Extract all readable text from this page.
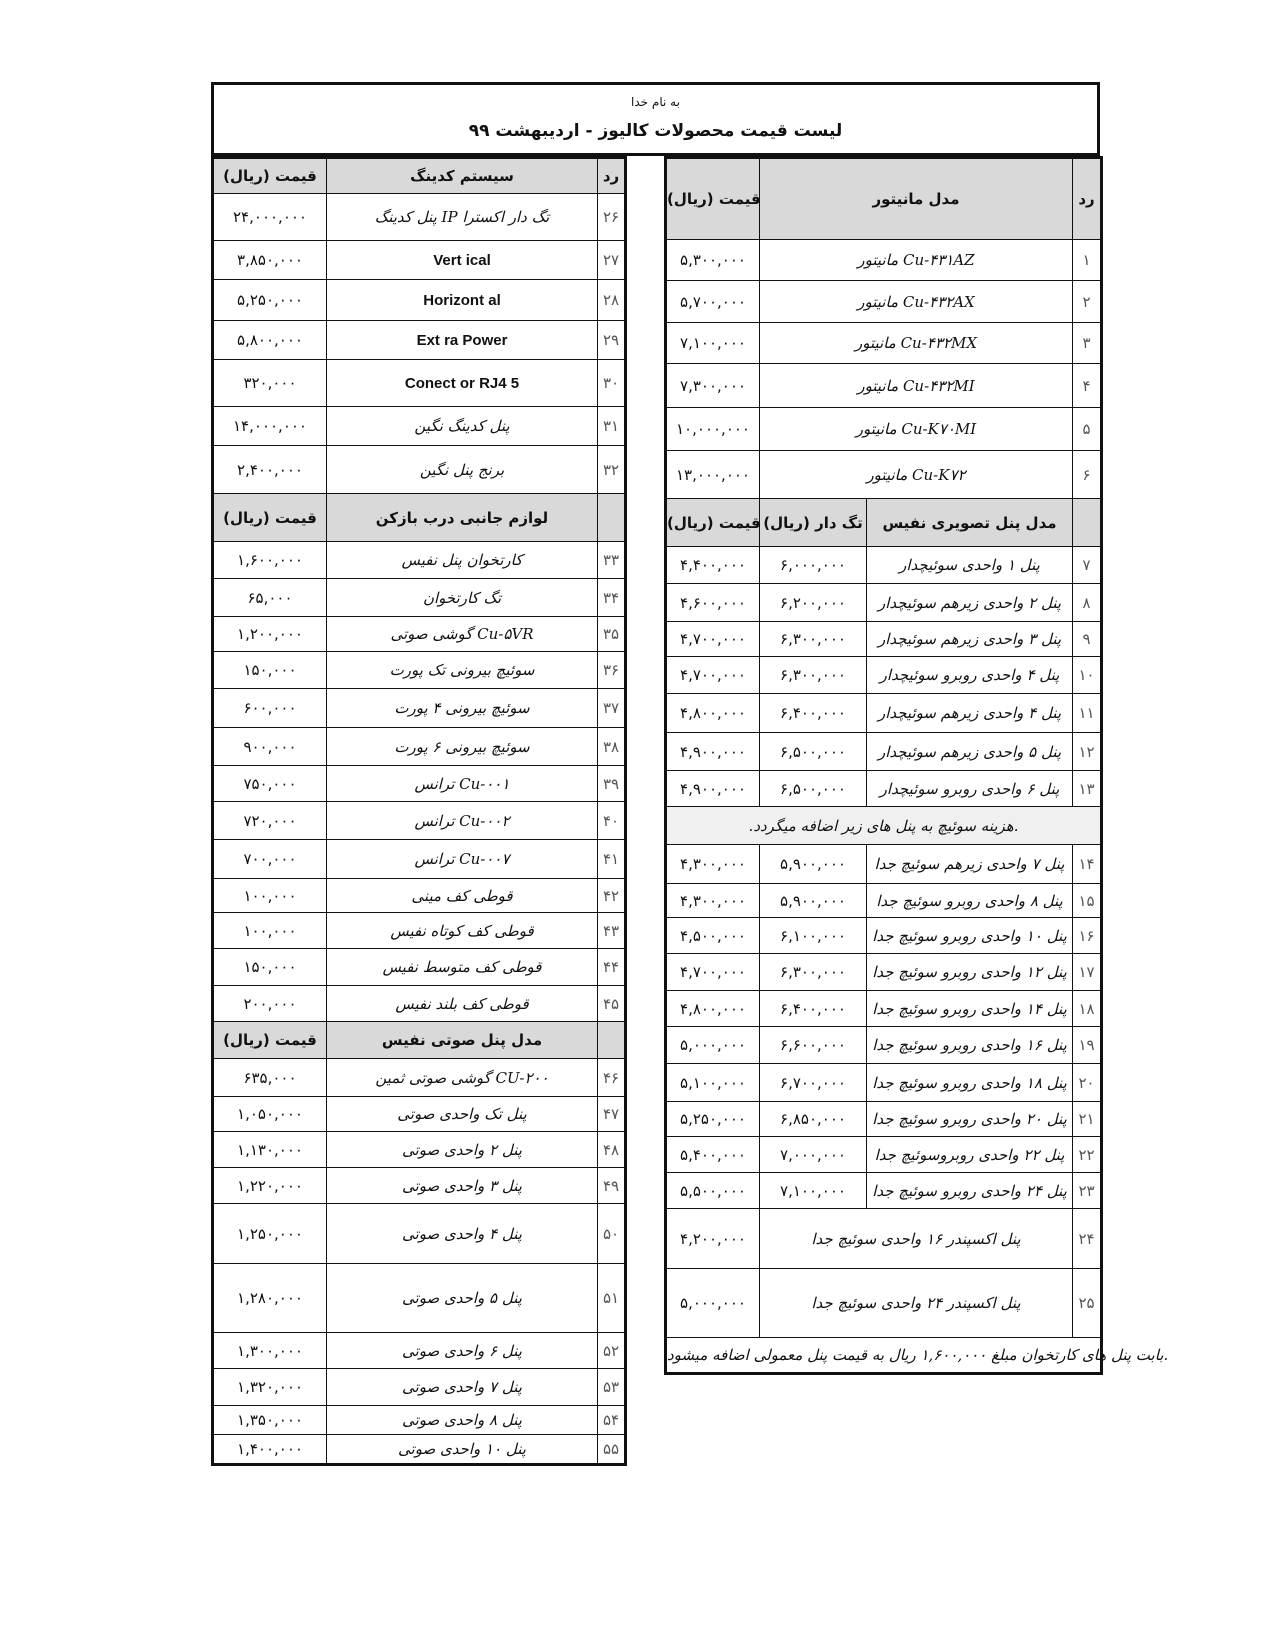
به نام خدا
لیست قیمت محصولات کالیوز - اردیبهشت ۹۹
قیمت (ریال)	سیستم کدینگ	رد
۲۴,۰۰۰,۰۰۰	پنل کدینگ IP تگ دار اکسترا	۲۶
۳,۸۵۰,۰۰۰	Vert ical	۲۷
۵,۲۵۰,۰۰۰	Horizont al	۲۸
۵,۸۰۰,۰۰۰	Ext ra Power	۲۹
۳۲۰,۰۰۰	Conect or RJ4 5	۳۰
۱۴,۰۰۰,۰۰۰	پنل کدینگ نگین	۳۱
۲,۴۰۰,۰۰۰	برنج پنل نگین	۳۲
قیمت (ریال)	لوازم جانبی درب بازکن	
۱,۶۰۰,۰۰۰	کارتخوان پنل نفیس	۳۳
۶۵,۰۰۰	تگ کارتخوان	۳۴
۱,۲۰۰,۰۰۰	گوشی صوتی Cu-۵VR	۳۵
۱۵۰,۰۰۰	سوئیچ بیرونی تک پورت	۳۶
۶۰۰,۰۰۰	سوئیچ بیرونی ۴ پورت	۳۷
۹۰۰,۰۰۰	سوئیچ بیرونی ۶ پورت	۳۸
۷۵۰,۰۰۰	ترانس Cu-۰۰۱	۳۹
۷۲۰,۰۰۰	ترانس Cu-۰۰۲	۴۰
۷۰۰,۰۰۰	ترانس Cu-۰۰۷	۴۱
۱۰۰,۰۰۰	قوطی کف مینی	۴۲
۱۰۰,۰۰۰	قوطی کف کوتاه نفیس	۴۳
۱۵۰,۰۰۰	قوطی کف متوسط نفیس	۴۴
۲۰۰,۰۰۰	قوطی کف بلند نفیس	۴۵
قیمت (ریال)	مدل پنل صوتی نفیس	
۶۳۵,۰۰۰	گوشی صوتی ثمین CU-۲۰۰	۴۶
۱,۰۵۰,۰۰۰	پنل تک واحدی صوتی	۴۷
۱,۱۳۰,۰۰۰	پنل ۲ واحدی صوتی	۴۸
۱,۲۲۰,۰۰۰	پنل ۳ واحدی صوتی	۴۹
۱,۲۵۰,۰۰۰	پنل ۴ واحدی صوتی	۵۰
۱,۲۸۰,۰۰۰	پنل ۵ واحدی صوتی	۵۱
۱,۳۰۰,۰۰۰	پنل ۶ واحدی صوتی	۵۲
۱,۳۲۰,۰۰۰	پنل ۷ واحدی صوتی	۵۳
۱,۳۵۰,۰۰۰	پنل ۸ واحدی صوتی	۵۴
۱,۴۰۰,۰۰۰	پنل ۱۰ واحدی صوتی	۵۵
قیمت (ریال)	مدل مانیتور		رد
۵,۳۰۰,۰۰۰	مانیتور Cu-۴۳۱AZ		۱
۵,۷۰۰,۰۰۰	مانیتور Cu-۴۳۲AX		۲
۷,۱۰۰,۰۰۰	مانیتور Cu-۴۳۲MX		۳
۷,۳۰۰,۰۰۰	مانیتور Cu-۴۳۲MI		۴
۱۰,۰۰۰,۰۰۰	مانیتور Cu-K۷۰MI		۵
۱۳,۰۰۰,۰۰۰	مانیتور Cu-K۷۲		۶
قیمت (ریال)	تگ دار (ریال)	مدل پنل تصویری نفیس	
۴,۴۰۰,۰۰۰	۶,۰۰۰,۰۰۰	پنل ۱ واحدی سوئیچدار	۷
۴,۶۰۰,۰۰۰	۶,۲۰۰,۰۰۰	پنل ۲ واحدی زیرهم سوئیچدار	۸
۴,۷۰۰,۰۰۰	۶,۳۰۰,۰۰۰	پنل ۳ واحدی زیرهم سوئیچدار	۹
۴,۷۰۰,۰۰۰	۶,۳۰۰,۰۰۰	پنل ۴ واحدی روبرو سوئیچدار	۱۰
۴,۸۰۰,۰۰۰	۶,۴۰۰,۰۰۰	پنل ۴ واحدی زیرهم سوئیچدار	۱۱
۴,۹۰۰,۰۰۰	۶,۵۰۰,۰۰۰	پنل ۵ واحدی زیرهم سوئیچدار	۱۲
۴,۹۰۰,۰۰۰	۶,۵۰۰,۰۰۰	پنل ۶ واحدی روبرو سوئیچدار	۱۳
.هزینه سوئیچ به پنل های زیر اضافه میگردد.			
۴,۳۰۰,۰۰۰	۵,۹۰۰,۰۰۰	پنل ۷ واحدی زیرهم سوئیچ جدا	۱۴
۴,۳۰۰,۰۰۰	۵,۹۰۰,۰۰۰	پنل ۸ واحدی روبرو سوئیچ جدا	۱۵
۴,۵۰۰,۰۰۰	۶,۱۰۰,۰۰۰	پنل ۱۰ واحدی روبرو سوئیچ جدا	۱۶
۴,۷۰۰,۰۰۰	۶,۳۰۰,۰۰۰	پنل ۱۲ واحدی روبرو سوئیچ جدا	۱۷
۴,۸۰۰,۰۰۰	۶,۴۰۰,۰۰۰	پنل ۱۴ واحدی روبرو سوئیچ جدا	۱۸
۵,۰۰۰,۰۰۰	۶,۶۰۰,۰۰۰	پنل ۱۶ واحدی روبرو سوئیچ جدا	۱۹
۵,۱۰۰,۰۰۰	۶,۷۰۰,۰۰۰	پنل ۱۸ واحدی روبرو سوئیچ جدا	۲۰
۵,۲۵۰,۰۰۰	۶,۸۵۰,۰۰۰	پنل ۲۰ واحدی روبرو سوئیچ جدا	۲۱
۵,۴۰۰,۰۰۰	۷,۰۰۰,۰۰۰	پنل ۲۲ واحدی روبروسوئیچ جدا	۲۲
۵,۵۰۰,۰۰۰	۷,۱۰۰,۰۰۰	پنل ۲۴ واحدی روبرو سوئیچ جدا	۲۳
۴,۲۰۰,۰۰۰	پنل اکسپندر ۱۶ واحدی سوئیچ جدا		۲۴
۵,۰۰۰,۰۰۰	پنل اکسپندر ۲۴ واحدی سوئیچ جدا		۲۵
بابت پنل های کارتخوان مبلغ ۱,۶۰۰,۰۰۰ ریال به قیمت پنل معمولی اضافه میشود.			
